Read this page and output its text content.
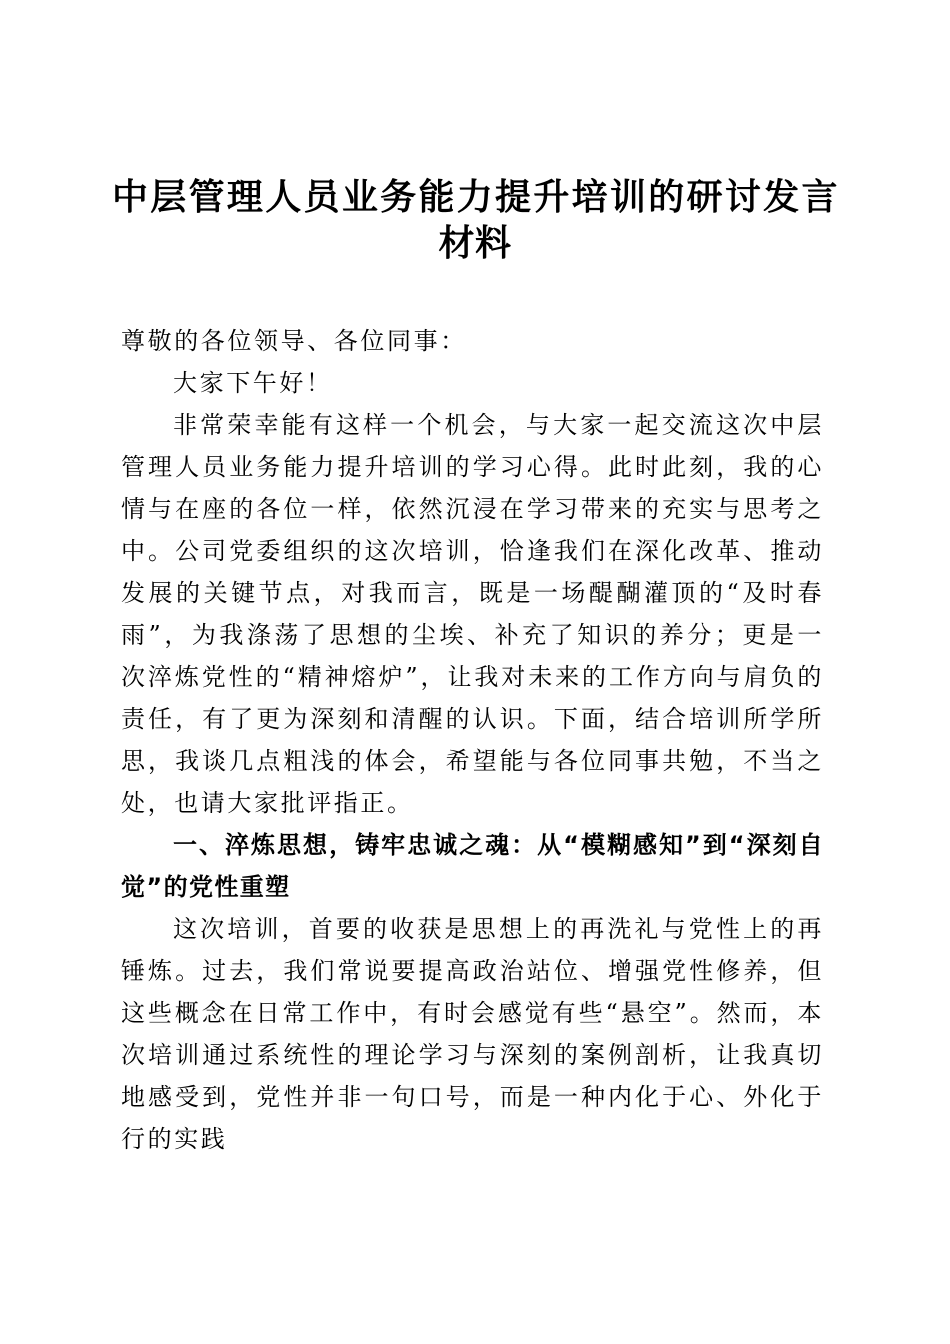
中层管理人员业务能力提升培训的研讨发言材料

尊敬的各位领导、各位同事：

大家下午好！

非常荣幸能有这样一个机会，与大家一起交流这次中层管理人员业务能力提升培训的学习心得。此时此刻，我的心情与在座的各位一样，依然沉浸在学习带来的充实与思考之中。公司党委组织的这次培训，恰逢我们在深化改革、推动发展的关键节点，对我而言，既是一场醍醐灌顶的“及时春雨”，为我涤荡了思想的尘埃、补充了知识的养分；更是一次淬炼党性的“精神熔炉”，让我对未来的工作方向与肩负的责任，有了更为深刻和清醒的认识。下面，结合培训所学所思，我谈几点粗浅的体会，希望能与各位同事共勉，不当之处，也请大家批评指正。

一、淬炼思想，铸牢忠诚之魂：从“模糊感知”到“深刻自觉”的党性重塑

这次培训，首要的收获是思想上的再洗礼与党性上的再锤炼。过去，我们常说要提高政治站位、增强党性修养，但这些概念在日常工作中，有时会感觉有些“悬空”。然而，本次培训通过系统性的理论学习与深刻的案例剖析，让我真切地感受到，党性并非一句口号，而是一种内化于心、外化于行的实践
